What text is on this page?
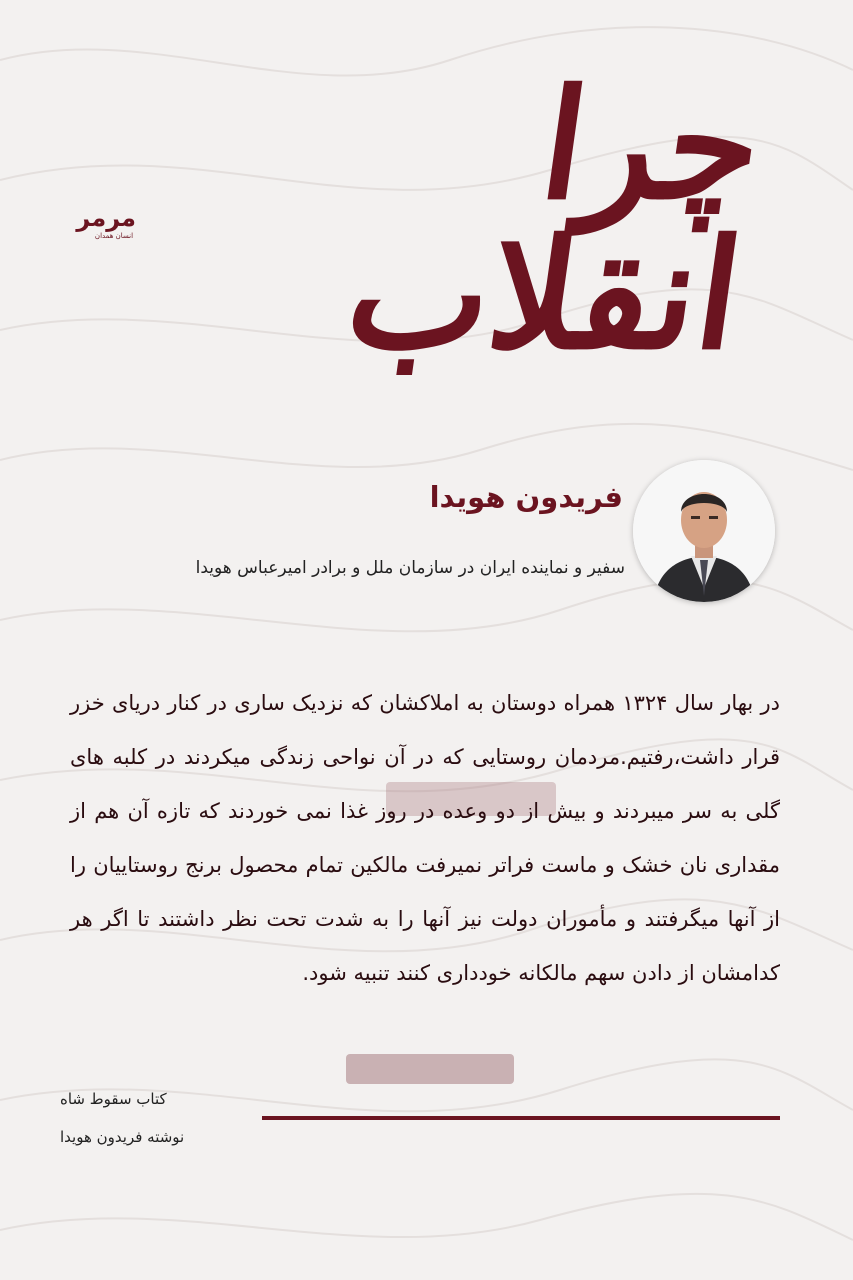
چرا انقلاب
مرمر
انسان همدان
فریدون هویدا
سفیر و نماینده ایران در سازمان ملل و برادر امیرعباس هویدا
در بهار سال ۱۳۲۴ همراه دوستان به املاکشان که نزدیک ساری در کنار دریای خزر قرار داشت،رفتیم.مردمان روستایی که در آن نواحی زندگی میکردند در کلبه های گلی به سر میبردند و بیش از دو وعده در روز غذا نمی خوردند که تازه آن هم از مقداری نان خشک و ماست فراتر نمیرفت مالکین تمام محصول برنج روستاییان را از آنها میگرفتند و مأموران دولت نیز آنها را به شدت تحت نظر داشتند تا اگر هر کدامشان از دادن سهم مالکانه خودداری کنند تنبیه شود.
کتاب سقوط شاه
نوشته فریدون هویدا
